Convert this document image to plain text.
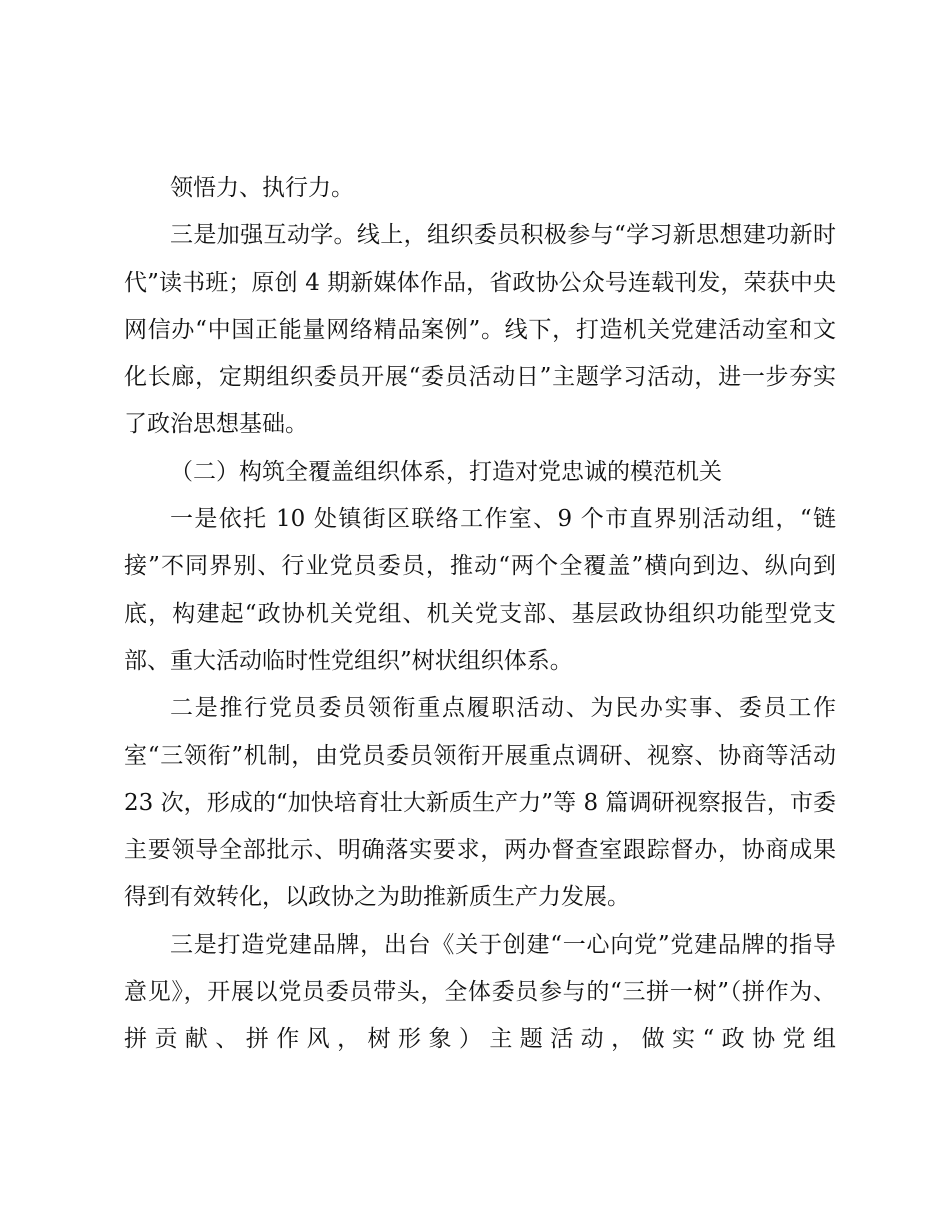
领悟力、执行力。

三是加强互动学。线上，组织委员积极参与“学习新思想建功新时代”读书班；原创 4 期新媒体作品，省政协公众号连载刊发，荣获中央网信办“中国正能量网络精品案例”。线下，打造机关党建活动室和文化长廊，定期组织委员开展“委员活动日”主题学习活动，进一步夯实了政治思想基础。

（二）构筑全覆盖组织体系，打造对党忠诚的模范机关

一是依托 10 处镇街区联络工作室、9 个市直界别活动组，“链接”不同界别、行业党员委员，推动“两个全覆盖”横向到边、纵向到底，构建起“政协机关党组、机关党支部、基层政协组织功能型党支部、重大活动临时性党组织”树状组织体系。

二是推行党员委员领衔重点履职活动、为民办实事、委员工作室“三领衔”机制，由党员委员领衔开展重点调研、视察、协商等活动 23 次，形成的“加快培育壮大新质生产力”等 8 篇调研视察报告，市委主要领导全部批示、明确落实要求，两办督查室跟踪督办，协商成果得到有效转化，以政协之为助推新质生产力发展。

三是打造党建品牌，出台《关于创建“一心向党”党建品牌的指导意见》，开展以党员委员带头，全体委员参与的“三拼一树”（拼作为、拼贡献、拼作风，树形象）主题活动，做实“政协党组
